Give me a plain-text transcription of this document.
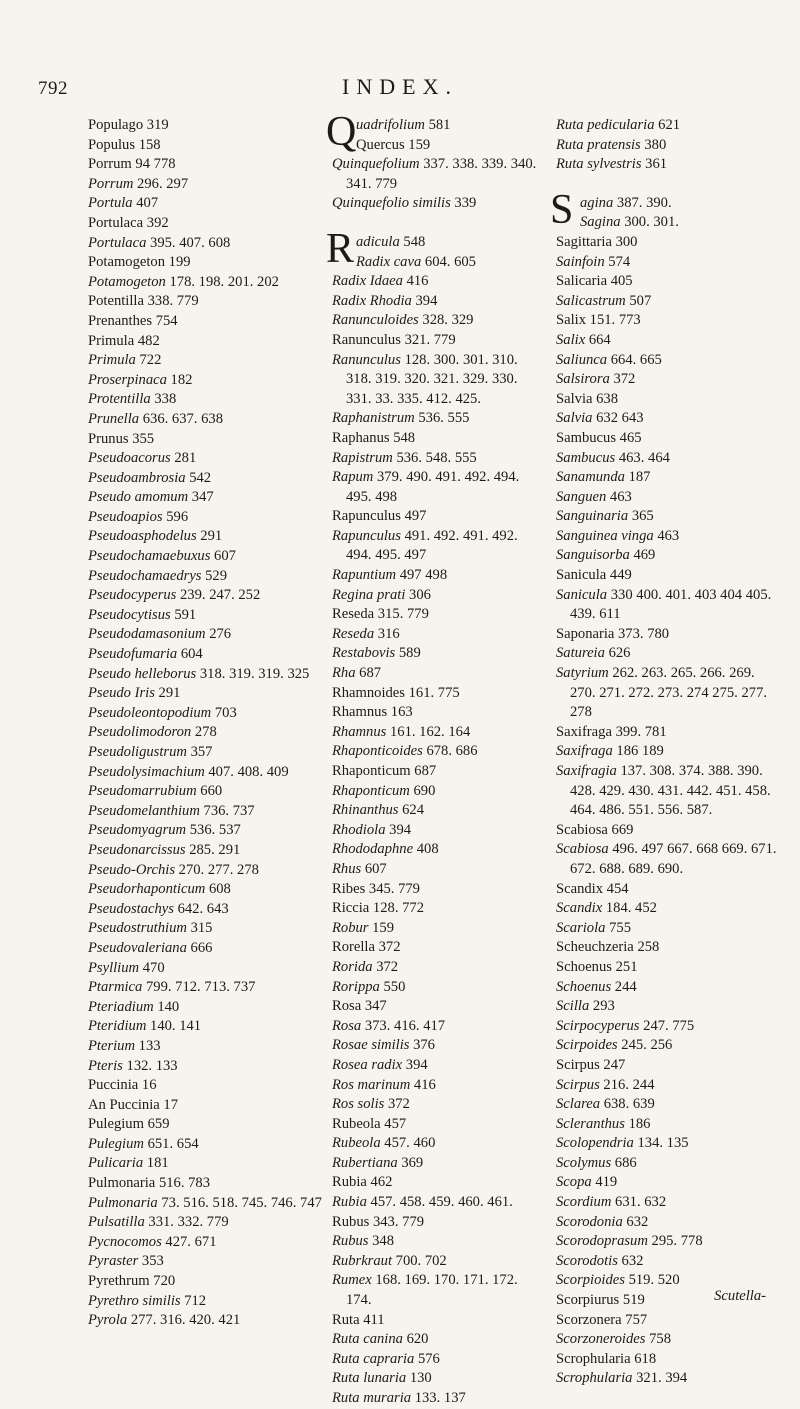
792	INDEX.

Populago 319

Populus 158

Porrum 94 778

Porrum 296. 297

Portula 407

Portulaca 392

Portulaca 395. 407. 608

Potamogeton 199

Potamogeton 178. 198. 201. 202

Potentilla 338. 779

Prenanthes 754

Primula 482

Primula 722

Proserpinaca 182

Protentilla 338

Prunella 636. 637. 638

Prunus 355

Pseudoacorus 281

Pseudoambrosia 542

Pseudo amomum 347

Pseudoapios 596

Pseudoasphodelus 291

Pseudochamaebuxus 607

Pseudochamaedrys 529

Pseudocyperus 239. 247. 252

Pseudocytisus 591

Pseudodamasonium 276

Pseudofumaria 604

Pseudo helleborus 318. 319. 319. 325

Pseudo Iris 291

Pseudoleontopodium 703

Pseudolimodoron 278

Pseudoligustrum 357

Pseudolysimachium 407. 408. 409

Pseudomarrubium 660

Pseudomelanthium 736. 737

Pseudomyagrum 536. 537

Pseudonarcissus 285. 291

Pseudo-Orchis 270. 277. 278

Pseudorhaponticum 608

Pseudostachys 642. 643

Pseudostruthium 315

Pseudovaleriana 666

Psyllium 470

Ptarmica 799. 712. 713. 737

Pteriadium 140

Pteridium 140. 141

Pterium 133

Pteris 132. 133

Puccinia 16

An Puccinia 17

Pulegium 659

Pulegium 651. 654

Pulicaria 181

Pulmonaria 516. 783

Pulmonaria 73. 516. 518. 745. 746. 747

Pulsatilla 331. 332. 779

Pycnocomos 427. 671

Pyraster 353

Pyrethrum 720

Pyrethro similis 712

Pyrola 277. 316. 420. 421

Q uadrifolium 581

Quercus 159

Quinquefolium 337. 338. 339. 340. 341. 779

Quinquefolio similis 339

R adicula 548

Radix cava 604. 605

Radix Idaea 416

Radix Rhodia 394

Ranunculoides 328. 329

Ranunculus 321. 779

Ranunculus 128. 300. 301. 310. 318. 319. 320. 321. 329. 330. 331. 33. 335. 412. 425.

Raphanistrum 536. 555

Raphanus 548

Rapistrum 536. 548. 555

Rapum 379. 490. 491. 492. 494. 495. 498

Rapunculus 497

Rapunculus 491. 492. 491. 492. 494. 495. 497

Rapuntium 497 498

Regina prati 306

Reseda 315. 779

Reseda 316

Restabovis 589

Rha 687

Rhamnoides 161. 775

Rhamnus 163

Rhamnus 161. 162. 164

Rhaponticoides 678. 686

Rhaponticum 687

Rhaponticum 690

Rhinanthus 624

Rhodiola 394

Rhododaphne 408

Rhus 607

Ribes 345. 779

Riccia 128. 772

Robur 159

Rorella 372

Rorida 372

Rorippa 550

Rosa 347

Rosa 373. 416. 417

Rosae similis 376

Rosea radix 394

Ros marinum 416

Ros solis 372

Rubeola 457

Rubeola 457. 460

Rubertiana 369

Rubia 462

Rubia 457. 458. 459. 460. 461.

Rubus 343. 779

Rubus 348

Rubrkraut 700. 702

Rumex 168. 169. 170. 171. 172. 174.

Ruta 411

Ruta canina 620

Ruta capraria 576

Ruta lunaria 130

Ruta muraria 133. 137

Ruta pedicularia 621

Ruta pratensis 380

Ruta sylvestris 361

S agina 387. 390.

Sagina 300. 301.

Sagittaria 300

Sainfoin 574

Salicaria 405

Salicastrum 507

Salix 151. 773

Salix 664

Saliunca 664. 665

Salsirora 372

Salvia 638

Salvia 632 643

Sambucus 465

Sambucus 463. 464

Sanamunda 187

Sanguen 463

Sanguinaria 365

Sanguinea vinga 463

Sanguisorba 469

Sanicula 449

Sanicula 330 400. 401. 403 404 405. 439. 611

Saponaria 373. 780

Satureia 626

Satyrium 262. 263. 265. 266. 269. 270. 271. 272. 273. 274 275. 277. 278

Saxifraga 399. 781

Saxifraga 186 189

Saxifragia 137. 308. 374. 388. 390. 428. 429. 430. 431. 442. 451. 458. 464. 486. 551. 556. 587.

Scabiosa 669

Scabiosa 496. 497 667. 668 669. 671. 672. 688. 689. 690.

Scandix 454

Scandix 184. 452

Scariola 755

Scheuchzeria 258

Schoenus 251

Schoenus 244

Scilla 293

Scirpocyperus 247. 775

Scirpoides 245. 256

Scirpus 247

Scirpus 216. 244

Sclarea 638. 639

Scleranthus 186

Scolopendria 134. 135

Scolymus 686

Scopa 419

Scordium 631. 632

Scorodonia 632

Scorodoprasum 295. 778

Scorodotis 632

Scorpioides 519. 520

Scorpiurus 519

Scorzonera 757

Scorzoneroides 758

Scrophularia 618

Scrophularia 321. 394

Scutella-
